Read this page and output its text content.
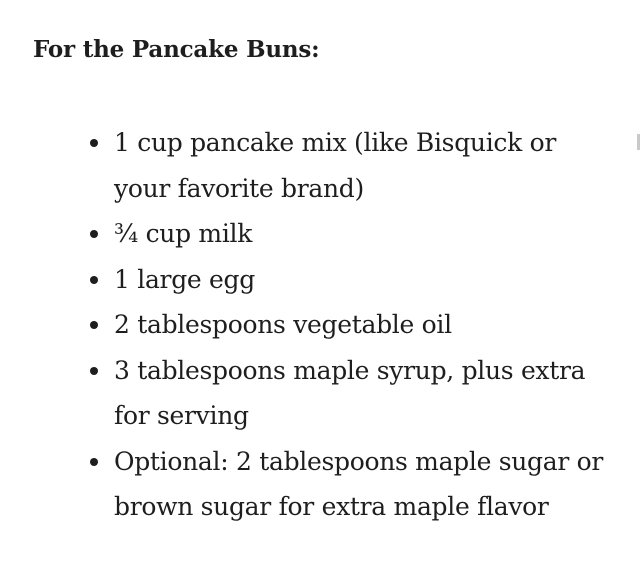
For the Pancake Buns:
1 cup pancake mix (like Bisquick or your favorite brand)
¾ cup milk
1 large egg
2 tablespoons vegetable oil
3 tablespoons maple syrup, plus extra for serving
Optional: 2 tablespoons maple sugar or brown sugar for extra maple flavor
